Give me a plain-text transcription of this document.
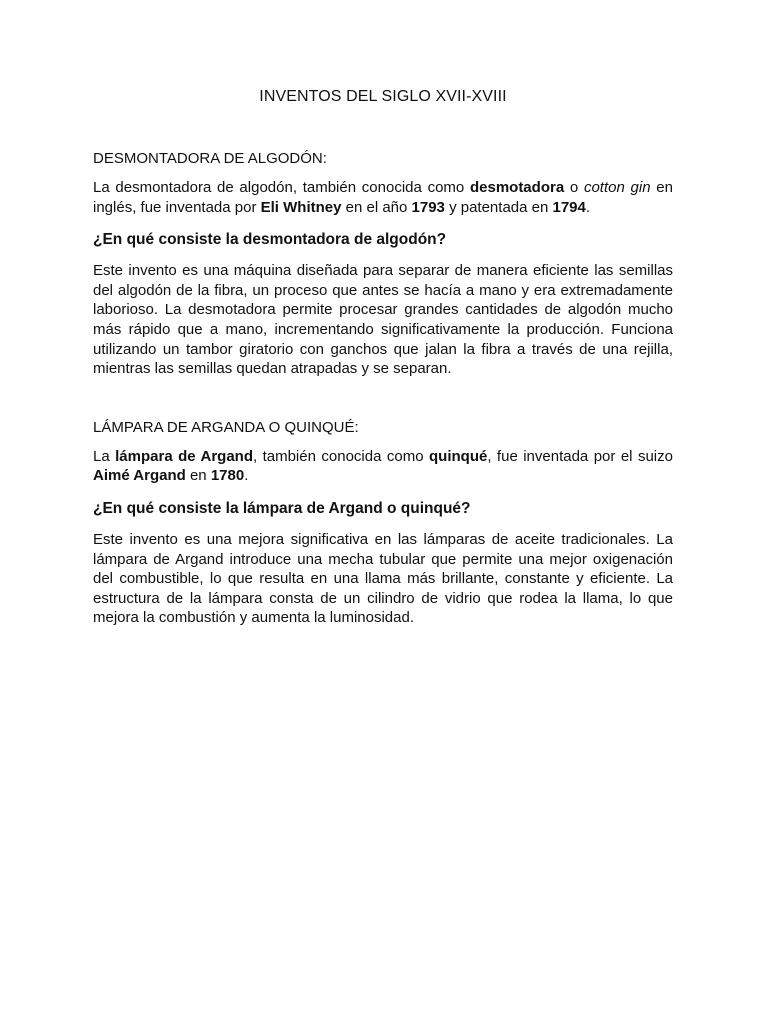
INVENTOS DEL SIGLO XVII-XVIII
DESMONTADORA DE ALGODÓN:

La desmontadora de algodón, también conocida como desmotadora o cotton gin en inglés, fue inventada por Eli Whitney en el año 1793 y patentada en 1794.

¿En qué consiste la desmontadora de algodón?

Este invento es una máquina diseñada para separar de manera eficiente las semillas del algodón de la fibra, un proceso que antes se hacía a mano y era extremadamente laborioso. La desmotadora permite procesar grandes cantidades de algodón mucho más rápido que a mano, incrementando significativamente la producción. Funciona utilizando un tambor giratorio con ganchos que jalan la fibra a través de una rejilla, mientras las semillas quedan atrapadas y se separan.

LÁMPARA DE ARGANDA O QUINQUÉ:

La lámpara de Argand, también conocida como quinqué, fue inventada por el suizo Aimé Argand en 1780.

¿En qué consiste la lámpara de Argand o quinqué?

Este invento es una mejora significativa en las lámparas de aceite tradicionales. La lámpara de Argand introduce una mecha tubular que permite una mejor oxigenación del combustible, lo que resulta en una llama más brillante, constante y eficiente. La estructura de la lámpara consta de un cilindro de vidrio que rodea la llama, lo que mejora la combustión y aumenta la luminosidad.
